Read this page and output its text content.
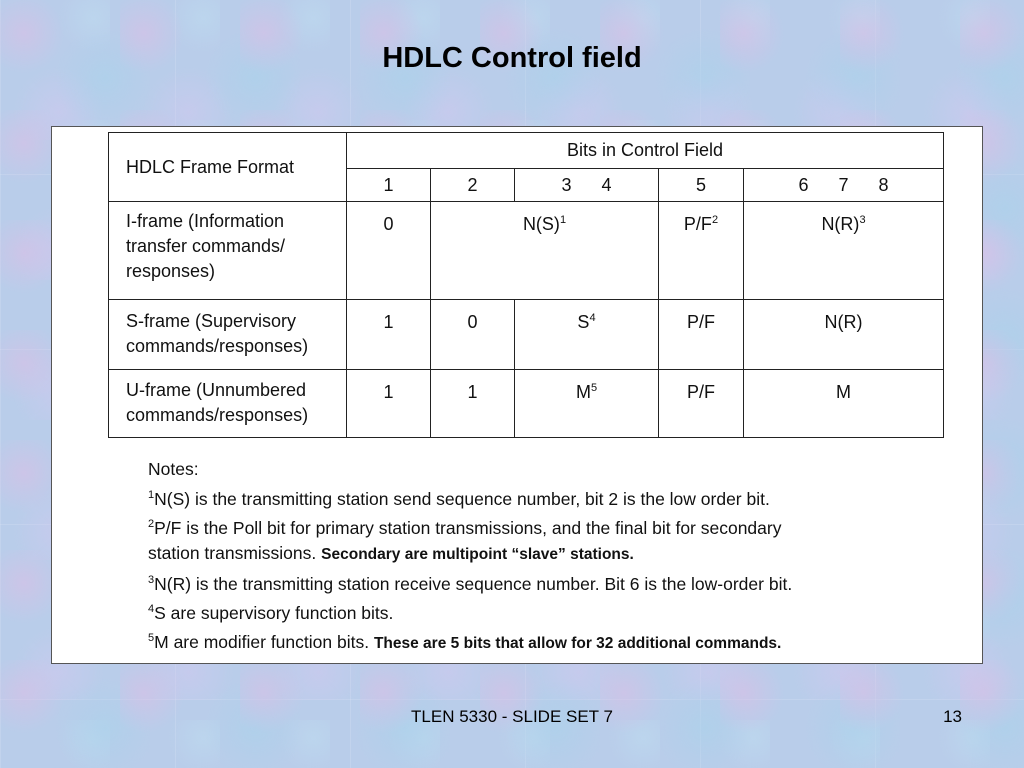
HDLC Control field
HDLC Frame Format	Bits in Control Field				
	1	2	3      4	5	6      7      8

I-frame (Information
transfer commands/
responses)	0	$N(S)^1$		$P/F^2$	$N(R)^3$

S-frame (Supervisory
commands/responses)	1	0	$S^4$	P/F	N(R)

U-frame (Unnumbered
commands/responses)	1	1	$M^5$	P/F	M
Notes:
$^1$N(S) is the transmitting station send sequence number, bit 2 is the low order bit.
$^2$P/F is the Poll bit for primary station transmissions, and the final bit for secondary
station transmissions. Secondary are multipoint “slave” stations.
$^3$N(R) is the transmitting station receive sequence number. Bit 6 is the low-order bit.
$^4$S are supervisory function bits.
$^5$M are modifier function bits. These are 5 bits that allow for 32 additional commands.
TLEN 5330 - SLIDE SET 7	13
